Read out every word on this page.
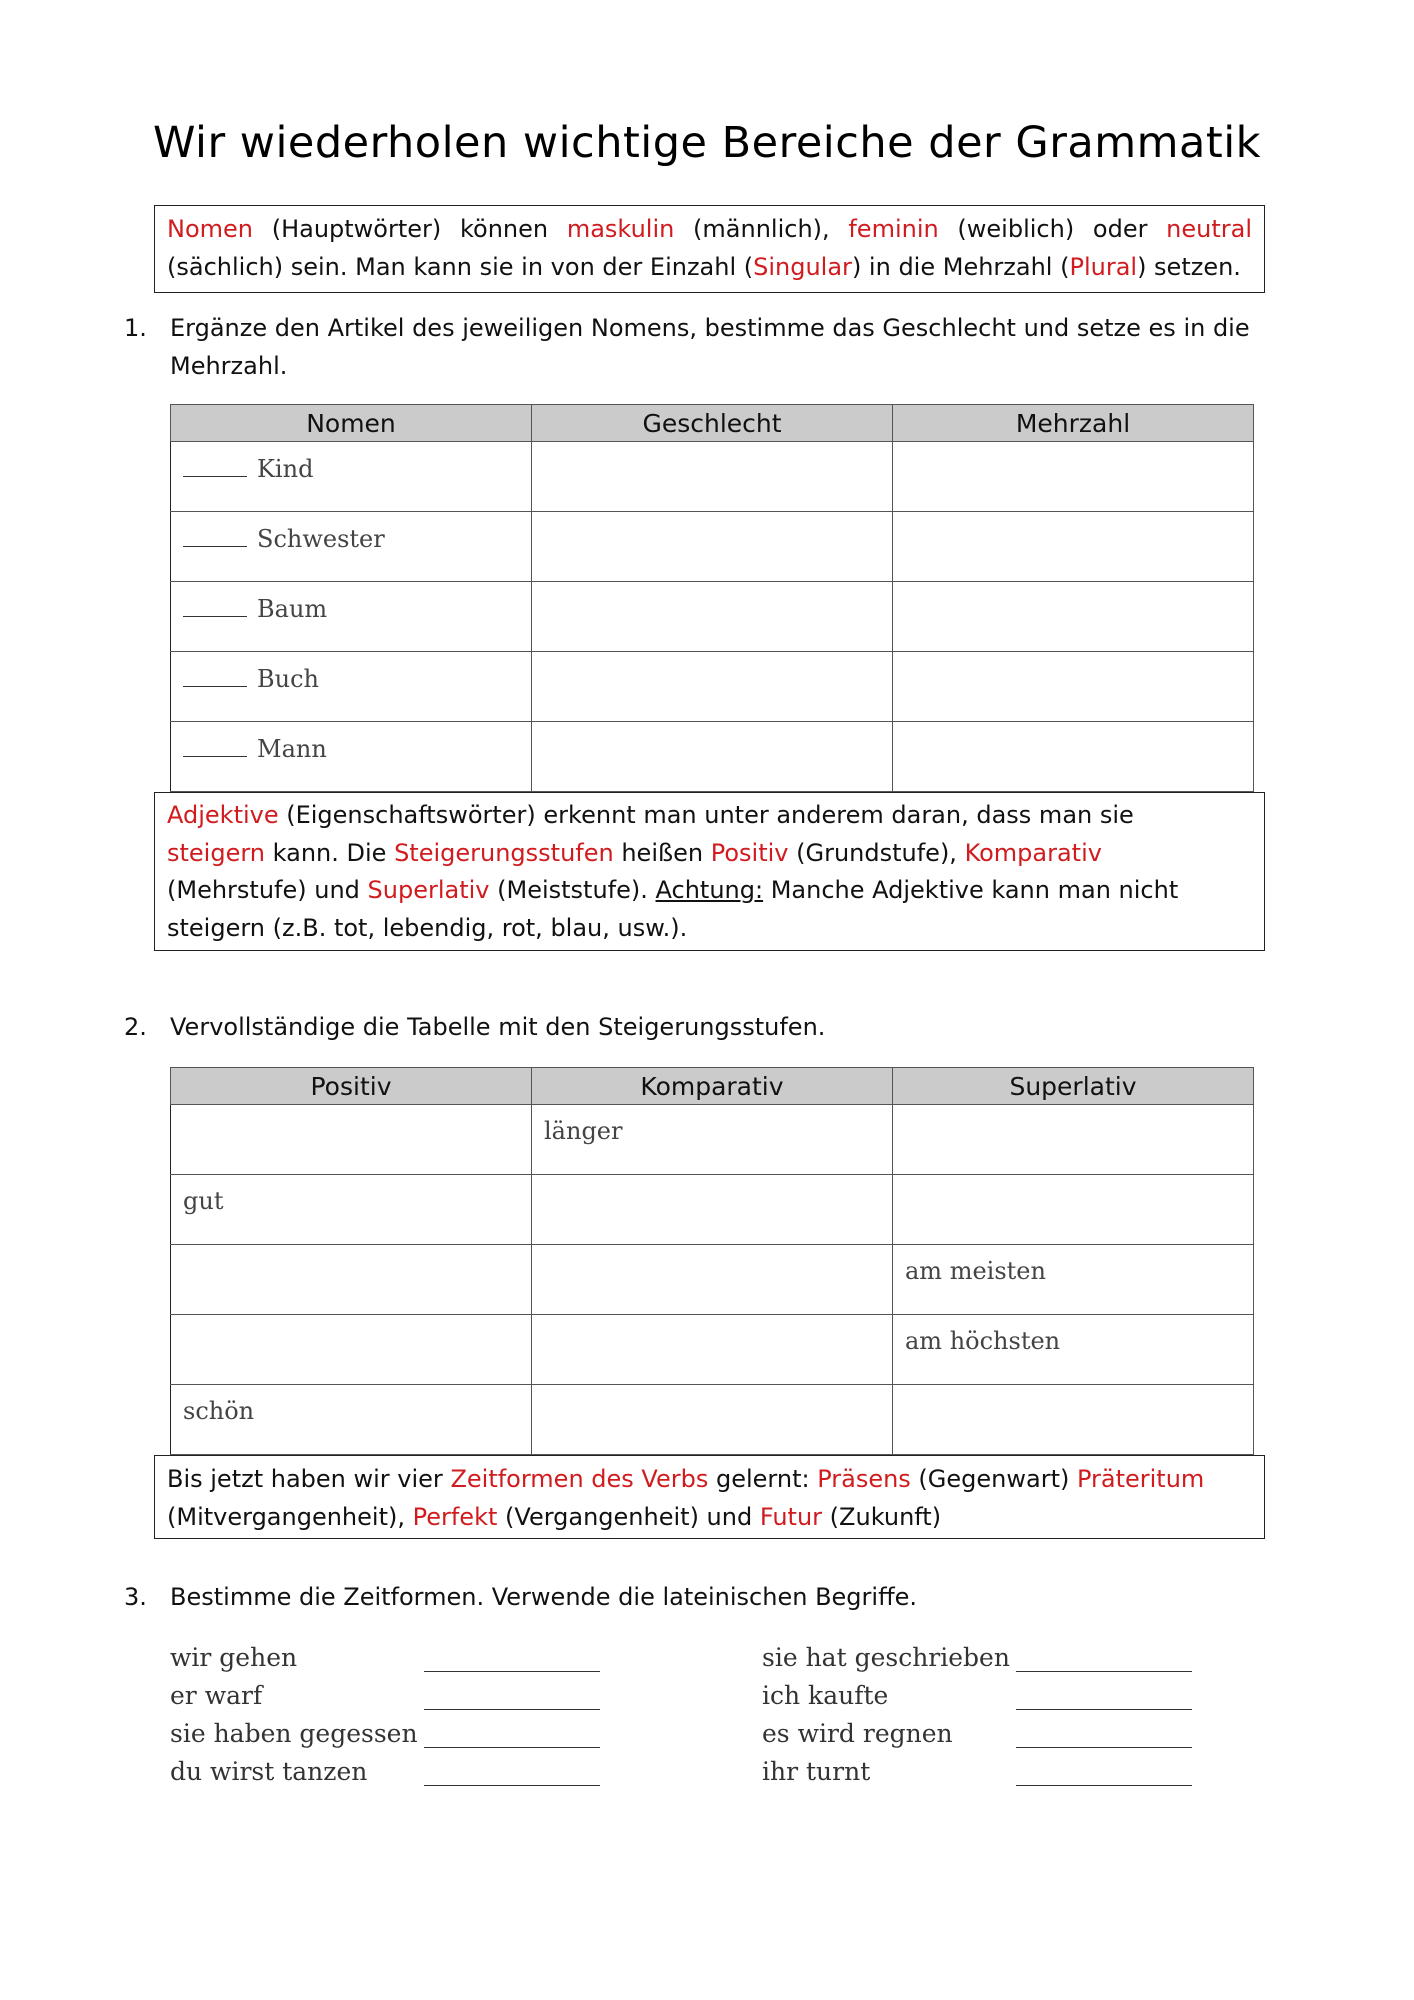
Wir wiederholen wichtige Bereiche der Grammatik

Nomen (Hauptwörter) können maskulin (männlich), feminin (weiblich) oder neutral

(sächlich) sein. Man kann sie in von der Einzahl (Singular) in die Mehrzahl (Plural) setzen.

1. Ergänze den Artikel des jeweiligen Nomens, bestimme das Geschlecht und setze es in die Mehrzahl.
Nomen	Geschlecht	Mehrzahl
Kind		
Schwester		
Baum		
Buch		
Mann		

Adjektive (Eigenschaftswörter) erkennt man unter anderem daran, dass man sie

steigern kann. Die Steigerungsstufen heißen Positiv (Grundstufe), Komparativ

(Mehrstufe) und Superlativ (Meiststufe). Achtung: Manche Adjektive kann man nicht

steigern (z.B. tot, lebendig, rot, blau, usw.).

2. Vervollständige die Tabelle mit den Steigerungsstufen.
Positiv	Komparativ	Superlativ
	länger	
gut		
		am meisten
		am höchsten
schön		

Bis jetzt haben wir vier Zeitformen des Verbs gelernt: Präsens (Gegenwart) Präteritum

(Mitvergangenheit), Perfekt (Vergangenheit) und Futur (Zukunft)

3. Bestimme die Zeitformen. Verwende die lateinischen Begriffe.
wir gehen
er warf
sie haben gegessen
du wirst tanzen
sie hat geschrieben
ich kaufte
es wird regnen
ihr turnt
